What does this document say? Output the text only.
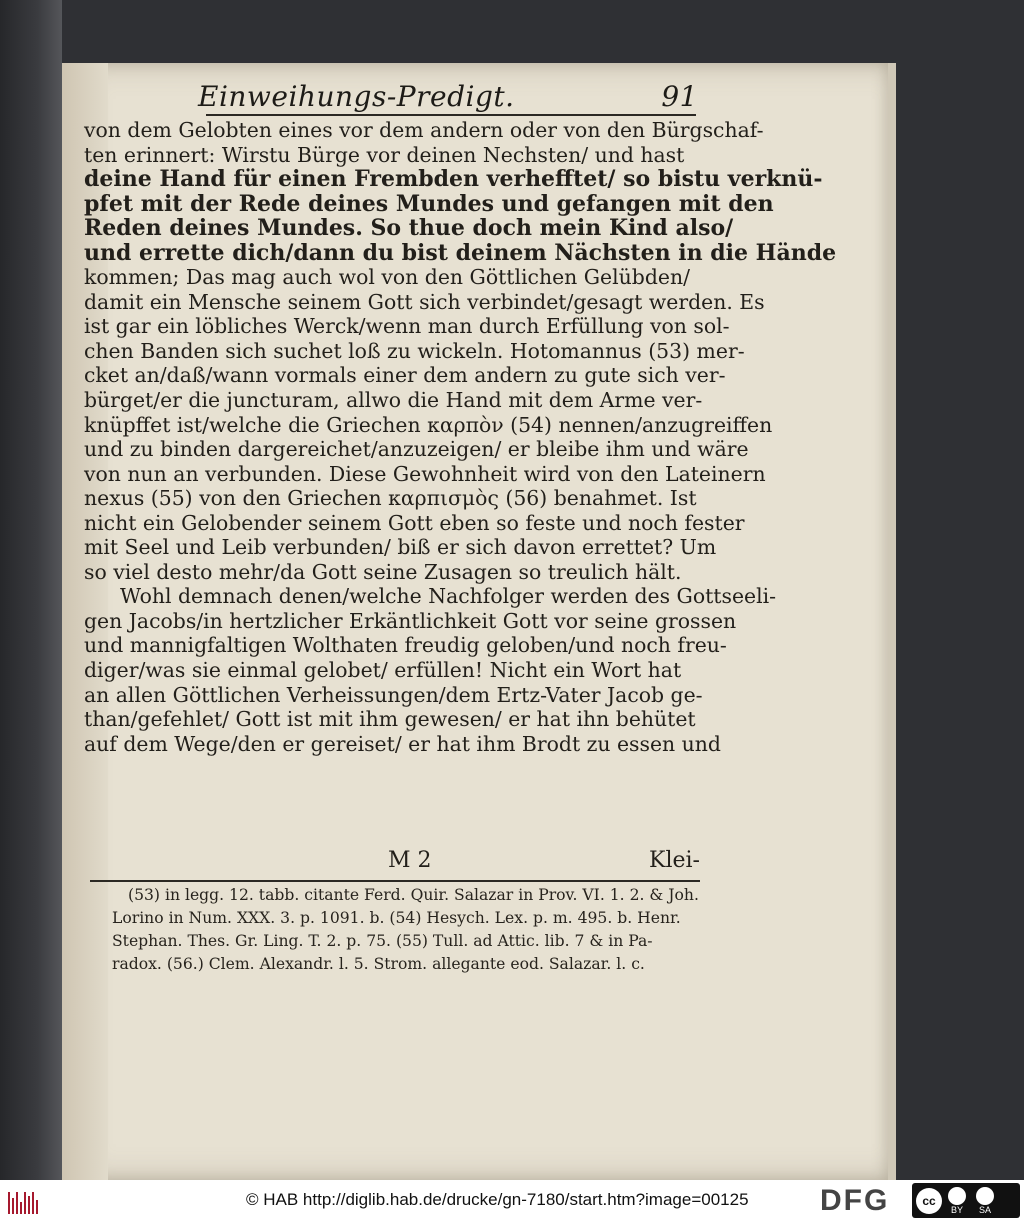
Einweihungs-Predigt.	91
von dem Gelobten eines vor dem andern oder von den Bürgschaf-
ten erinnert: Wirstu Bürge vor deinen Nechsten/ und hast
deine Hand für einen Frembden verhefftet/ so bistu verknü-
pfet mit der Rede deines Mundes und gefangen mit den
Reden deines Mundes. So thue doch mein Kind also/
und errette dich/dann du bist deinem Nächsten in die Hände
kommen; Das mag auch wol von den Göttlichen Gelübden/
damit ein Mensche seinem Gott sich verbindet/gesagt werden. Es
ist gar ein löbliches Werck/wenn man durch Erfüllung von sol-
chen Banden sich suchet loß zu wickeln. Hotomannus (53) mer-
cket an/daß/wann vormals einer dem andern zu gute sich ver-
bürget/er die juncturam, allwo die Hand mit dem Arme ver-
knüpffet ist/welche die Griechen καρπὸν (54) nennen/anzugreiffen
und zu binden dargereichet/anzuzeigen/ er bleibe ihm und wäre
von nun an verbunden. Diese Gewohnheit wird von den Lateinern
nexus (55) von den Griechen καρπισμὸς (56) benahmet. Ist
nicht ein Gelobender seinem Gott eben so feste und noch fester
mit Seel und Leib verbunden/ biß er sich davon errettet? Um
so viel desto mehr/da Gott seine Zusagen so treulich hält.
Wohl demnach denen/welche Nachfolger werden des Gottseeli-
gen Jacobs/in hertzlicher Erkäntlichkeit Gott vor seine grossen
und mannigfaltigen Wolthaten freudig geloben/und noch freu-
diger/was sie einmal gelobet/ erfüllen! Nicht ein Wort hat
an allen Göttlichen Verheissungen/dem Ertz-Vater Jacob ge-
than/gefehlet/ Gott ist mit ihm gewesen/ er hat ihn behütet
auf dem Wege/den er gereiset/ er hat ihm Brodt zu essen und
M 2	Klei-
(53) in legg. 12. tabb. citante Ferd. Quir. Salazar in Prov. VI. 1. 2. & Joh.
Lorino in Num. XXX. 3. p. 1091. b. (54) Hesych. Lex. p. m. 495. b. Henr.
Stephan. Thes. Gr. Ling. T. 2. p. 75. (55) Tull. ad Attic. lib. 7 & in Pa-
radox. (56.) Clem. Alexandr. l. 5. Strom. allegante eod. Salazar. l. c.
© HAB http://diglib.hab.de/drucke/gn-7180/start.htm?image=00125 DFG	cc
BY SA
